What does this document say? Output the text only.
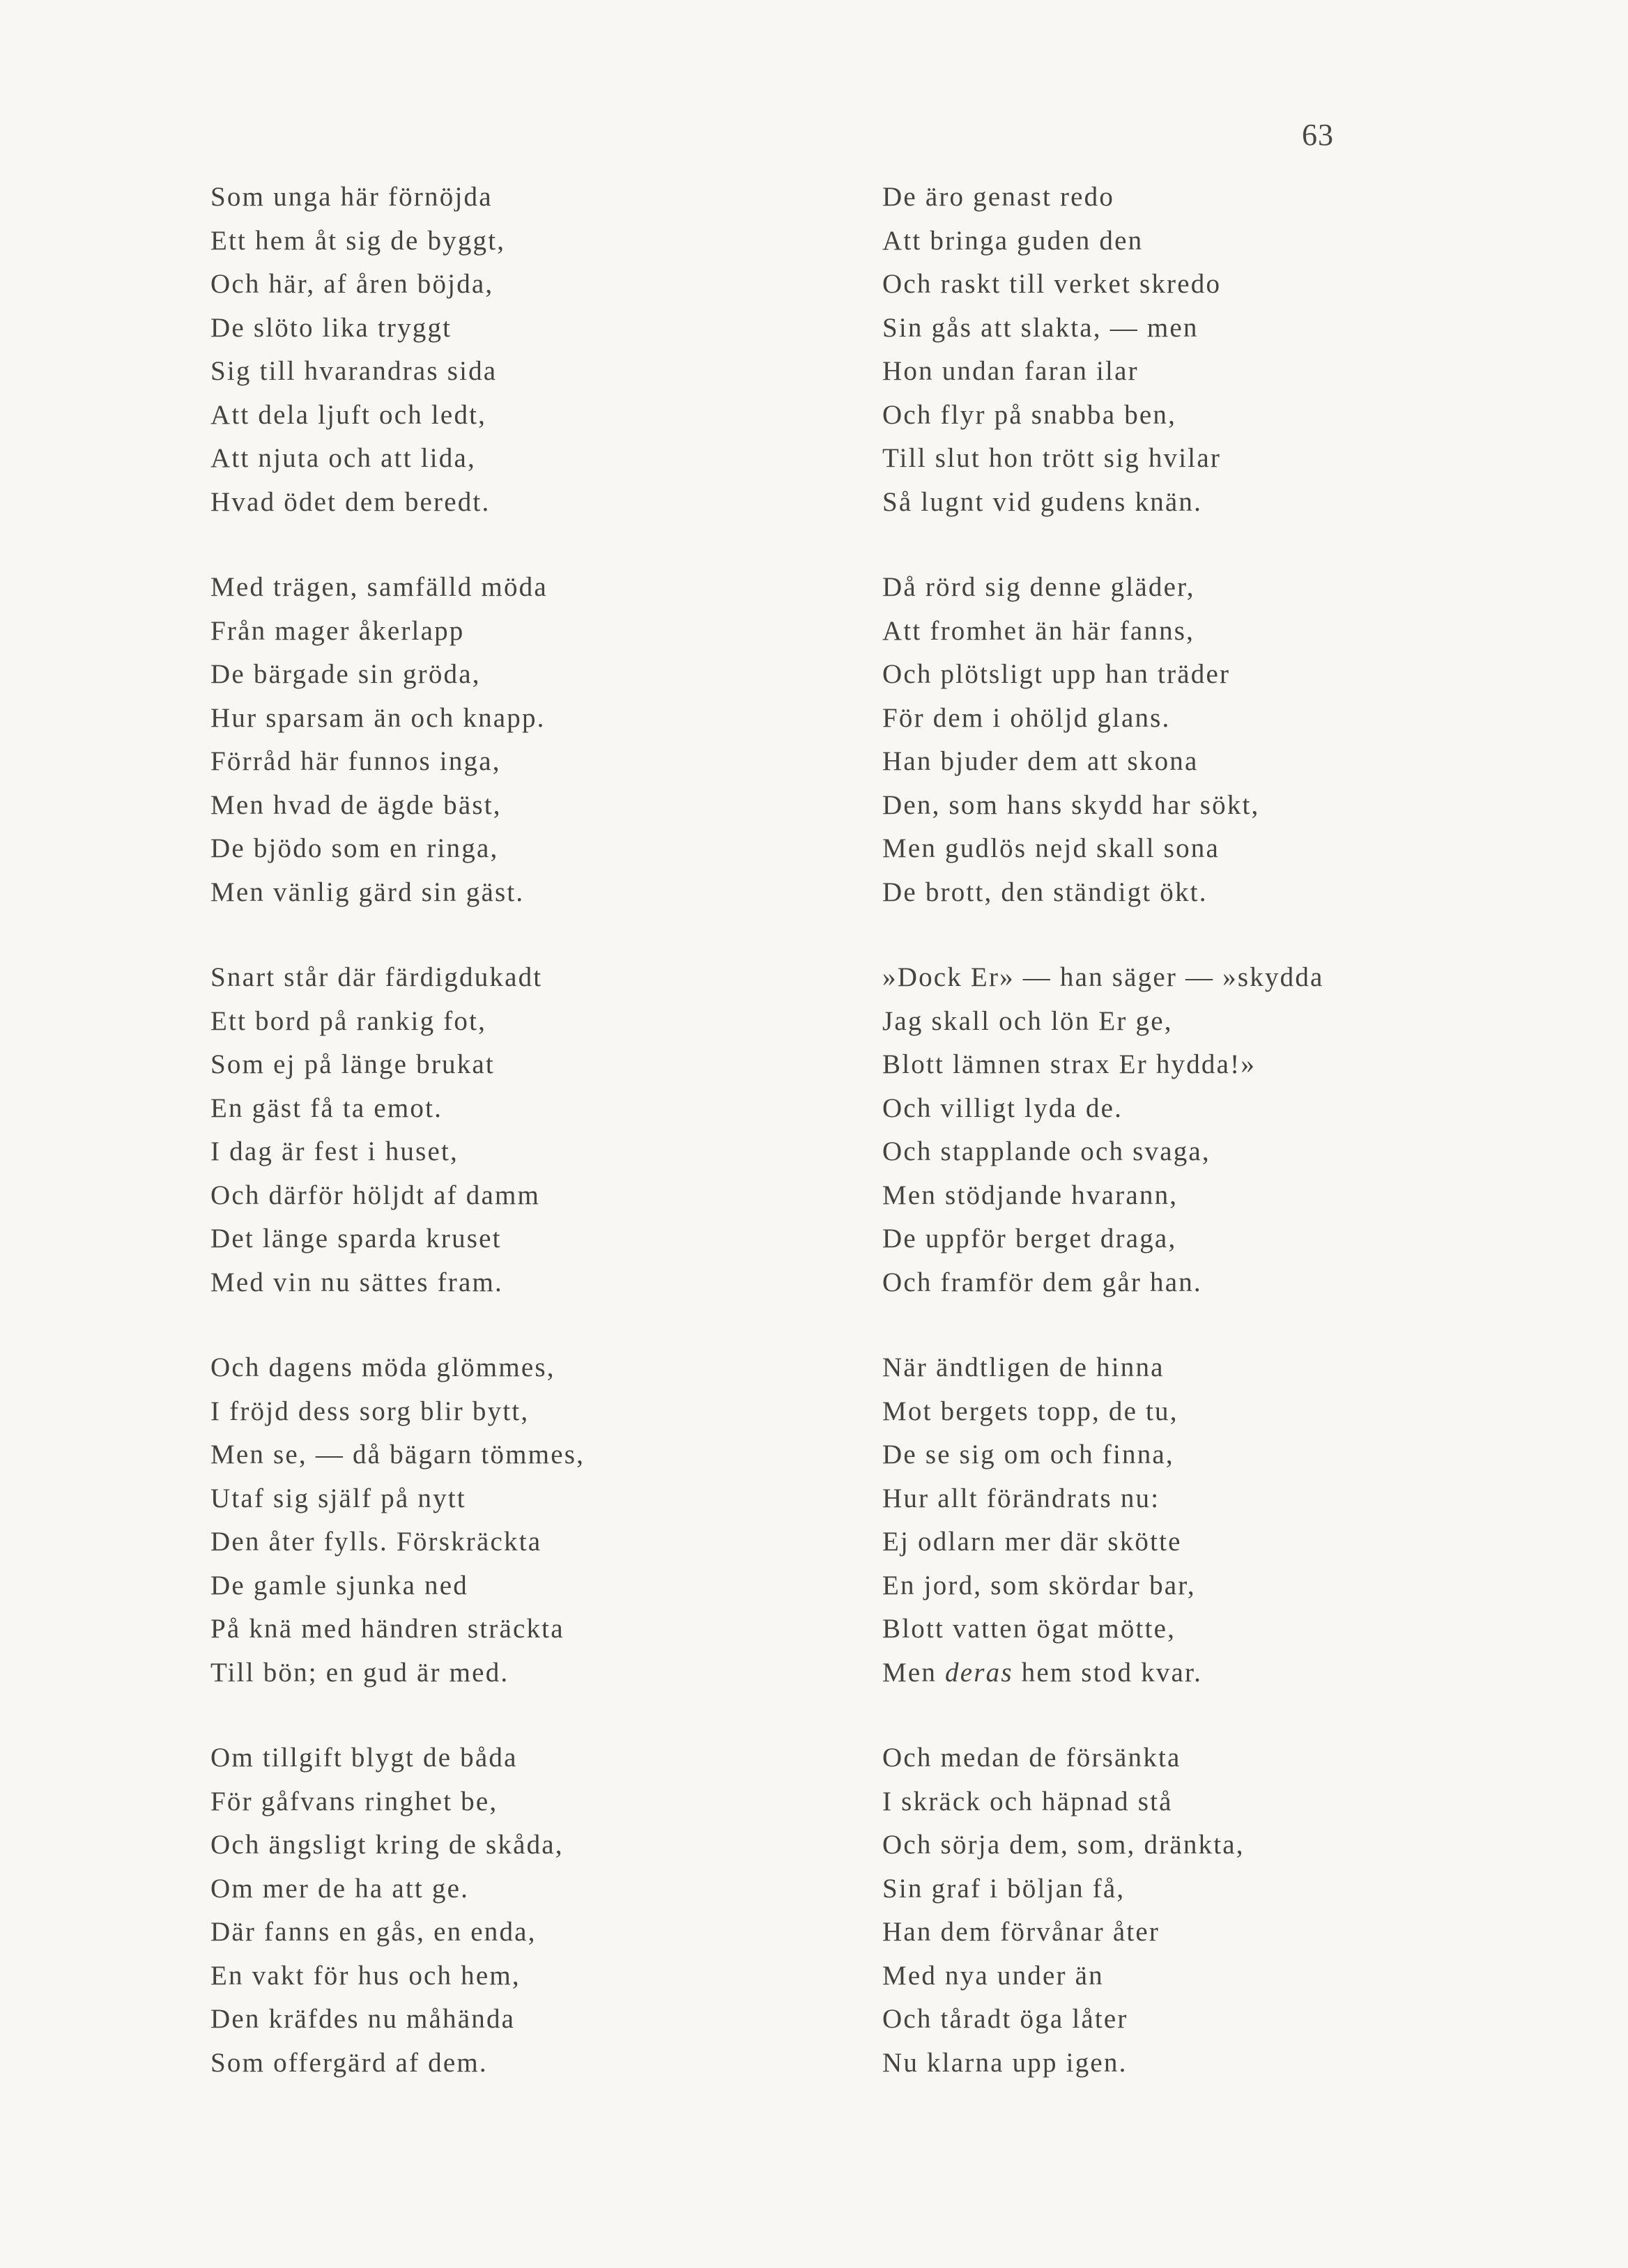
63
Som unga här förnöjda
Ett hem åt sig de byggt,
Och här, af åren böjda,
De slöto lika tryggt
Sig till hvarandras sida
Att dela ljuft och ledt,
Att njuta och att lida,
Hvad ödet dem beredt.
Med trägen, samfälld möda
Från mager åkerlapp
De bärgade sin gröda,
Hur sparsam än och knapp.
Förråd här funnos inga,
Men hvad de ägde bäst,
De bjödo som en ringa,
Men vänlig gärd sin gäst.
Snart står där färdigdukadt
Ett bord på rankig fot,
Som ej på länge brukat
En gäst få ta emot.
I dag är fest i huset,
Och därför höljdt af damm
Det länge sparda kruset
Med vin nu sättes fram.
Och dagens möda glömmes,
I fröjd dess sorg blir bytt,
Men se, — då bägarn tömmes,
Utaf sig själf på nytt
Den åter fylls. Förskräckta
De gamle sjunka ned
På knä med händren sträckta
Till bön; en gud är med.
Om tillgift blygt de båda
För gåfvans ringhet be,
Och ängsligt kring de skåda,
Om mer de ha att ge.
Där fanns en gås, en enda,
En vakt för hus och hem,
Den kräfdes nu måhända
Som offergärd af dem.
De äro genast redo
Att bringa guden den
Och raskt till verket skredo
Sin gås att slakta, — men
Hon undan faran ilar
Och flyr på snabba ben,
Till slut hon trött sig hvilar
Så lugnt vid gudens knän.
Då rörd sig denne gläder,
Att fromhet än här fanns,
Och plötsligt upp han träder
För dem i ohöljd glans.
Han bjuder dem att skona
Den, som hans skydd har sökt,
Men gudlös nejd skall sona
De brott, den ständigt ökt.
»Dock Er» — han säger — »skydda
Jag skall och lön Er ge,
Blott lämnen strax Er hydda!»
Och villigt lyda de.
Och stapplande och svaga,
Men stödjande hvarann,
De uppför berget draga,
Och framför dem går han.
När ändtligen de hinna
Mot bergets topp, de tu,
De se sig om och finna,
Hur allt förändrats nu:
Ej odlarn mer där skötte
En jord, som skördar bar,
Blott vatten ögat mötte,
Men deras hem stod kvar.
Och medan de försänkta
I skräck och häpnad stå
Och sörja dem, som, dränkta,
Sin graf i böljan få,
Han dem förvånar åter
Med nya under än
Och tåradt öga låter
Nu klarna upp igen.
